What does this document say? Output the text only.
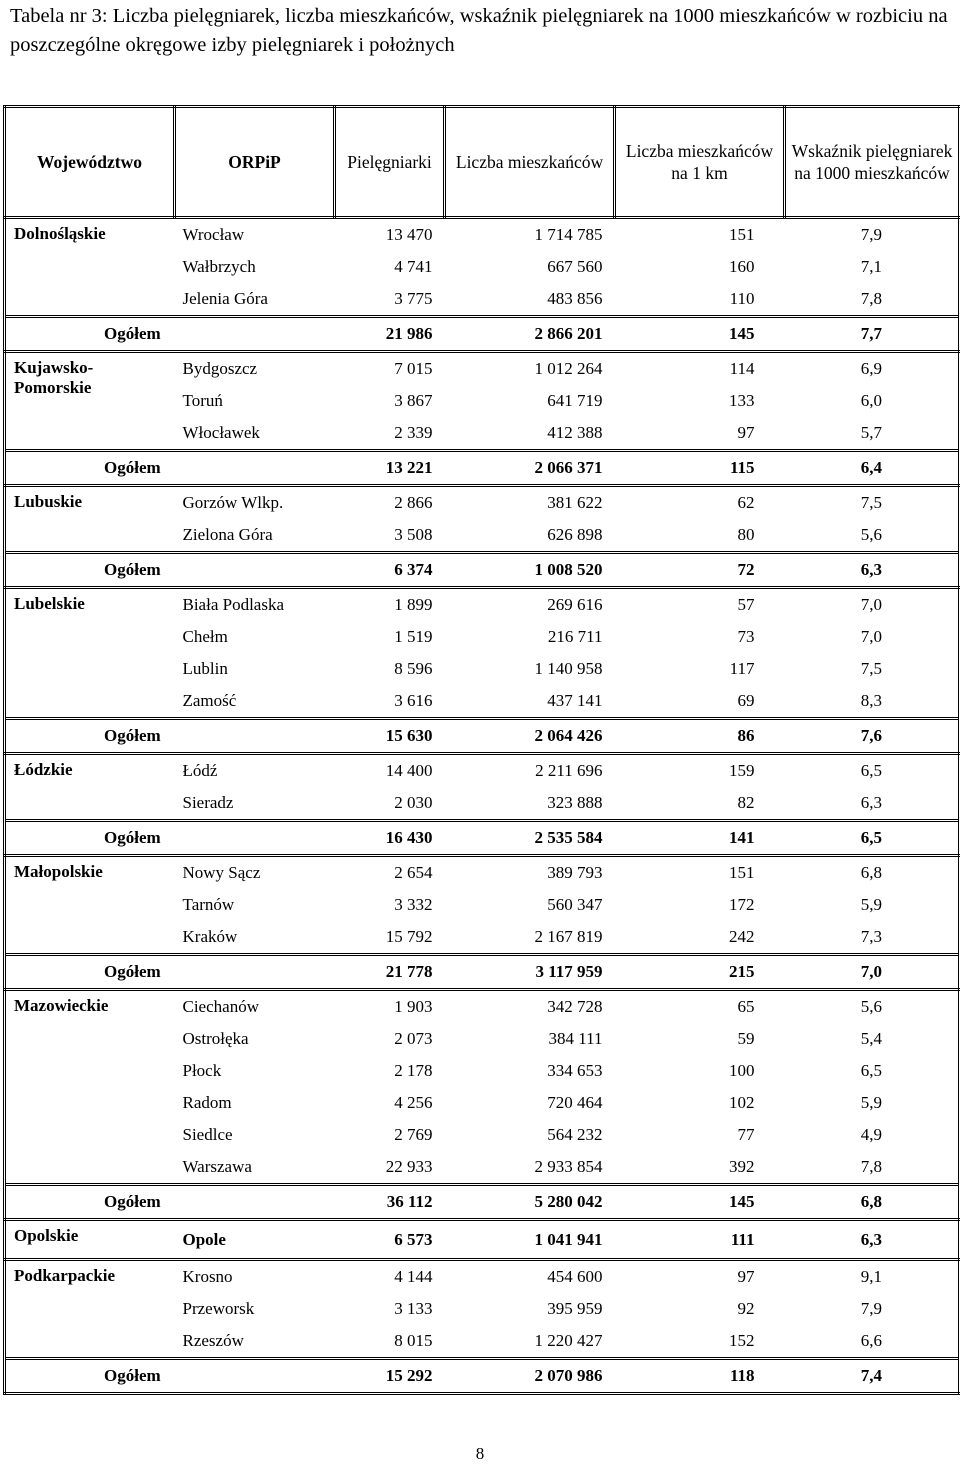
Tabela nr 3: Liczba pielęgniarek, liczba mieszkańców, wskaźnik pielęgniarek na 1000 mieszkańców w rozbiciu na poszczególne okręgowe izby pielęgniarek i położnych
Województwo	ORPiP	Pielęgniarki	Liczba mieszkańców	Liczba mieszkańców na 1 km	Wskaźnik pielęgniarek na 1000 mieszkańców
Dolnośląskie	Wrocław	13 470	1 714 785	151	7,9
	Wałbrzych	4 741	667 560	160	7,1
	Jelenia Góra	3 775	483 856	110	7,8
Ogółem		21 986	2 866 201	145	7,7
Kujawsko-Pomorskie	Bydgoszcz	7 015	1 012 264	114	6,9
	Toruń	3 867	641 719	133	6,0
	Włocławek	2 339	412 388	97	5,7
Ogółem		13 221	2 066 371	115	6,4
Lubuskie	Gorzów Wlkp.	2 866	381 622	62	7,5
	Zielona Góra	3 508	626 898	80	5,6
Ogółem		6 374	1 008 520	72	6,3
Lubelskie	Biała Podlaska	1 899	269 616	57	7,0
	Chełm	1 519	216 711	73	7,0
	Lublin	8 596	1 140 958	117	7,5
	Zamość	3 616	437 141	69	8,3
Ogółem		15 630	2 064 426	86	7,6
Łódzkie	Łódź	14 400	2 211 696	159	6,5
	Sieradz	2 030	323 888	82	6,3
Ogółem		16 430	2 535 584	141	6,5
Małopolskie	Nowy Sącz	2 654	389 793	151	6,8
	Tarnów	3 332	560 347	172	5,9
	Kraków	15 792	2 167 819	242	7,3
Ogółem		21 778	3 117 959	215	7,0
Mazowieckie	Ciechanów	1 903	342 728	65	5,6
	Ostrołęka	2 073	384 111	59	5,4
	Płock	2 178	334 653	100	6,5
	Radom	4 256	720 464	102	5,9
	Siedlce	2 769	564 232	77	4,9
	Warszawa	22 933	2 933 854	392	7,8
Ogółem		36 112	5 280 042	145	6,8
Opolskie	Opole	6 573	1 041 941	111	6,3
Podkarpackie	Krosno	4 144	454 600	97	9,1
	Przeworsk	3 133	395 959	92	7,9
	Rzeszów	8 015	1 220 427	152	6,6
Ogółem		15 292	2 070 986	118	7,4
8
